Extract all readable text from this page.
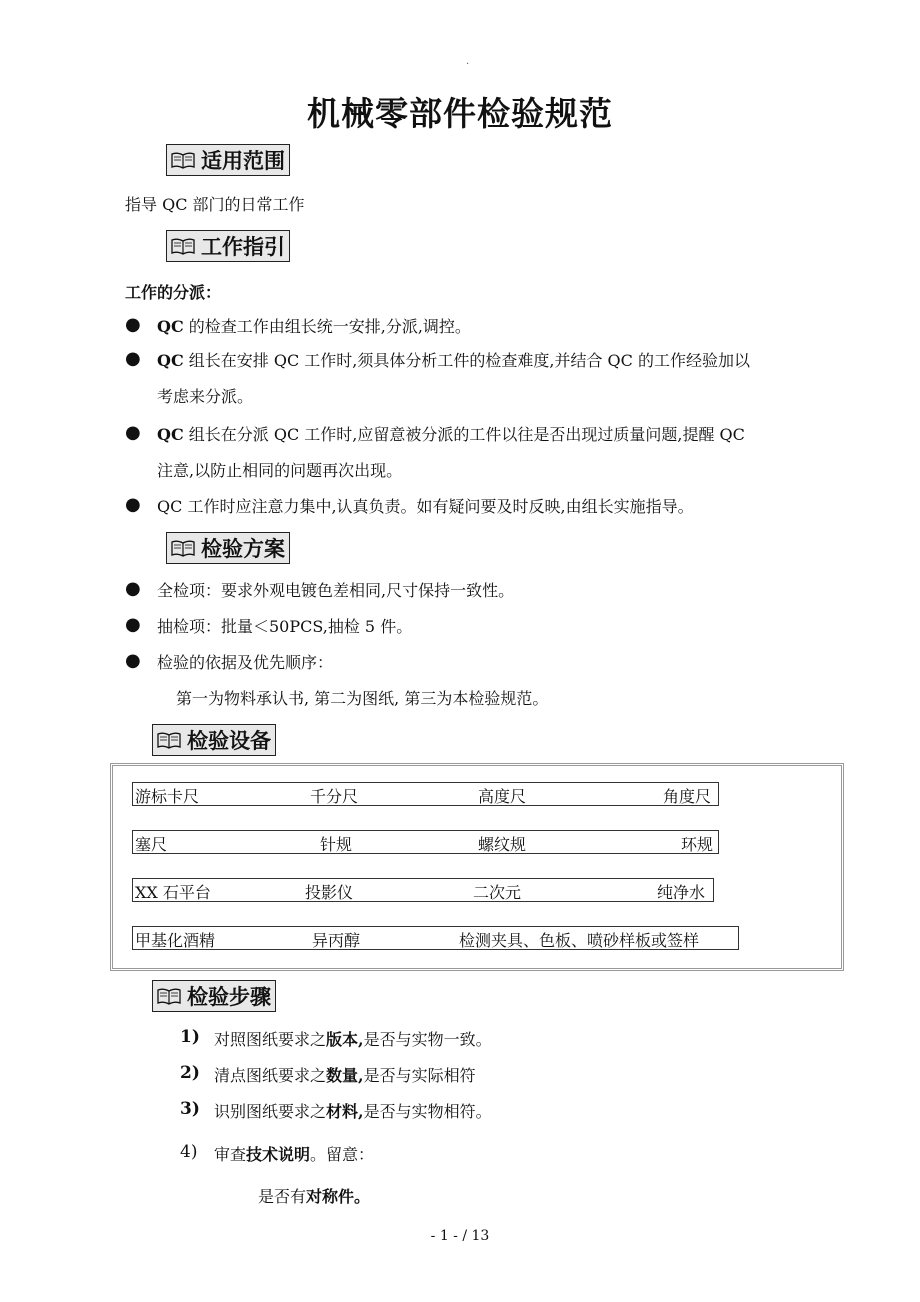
.
机械零部件检验规范
适用范围
指导 QC 部门的日常工作
工作指引
工作的分派：
●	QC 的检查工作由组长统一安排,分派,调控。
●	QC 组长在安排 QC 工作时,须具体分析工件的检查难度,并结合 QC 的工作经验加以
考虑来分派。
●	QC 组长在分派 QC 工作时,应留意被分派的工件以往是否出现过质量问题,提醒 QC
注意,以防止相同的问题再次出现。
●	QC 工作时应注意力集中,认真负责。如有疑问要及时反映,由组长实施指导。
检验方案
●	全检项：要求外观电镀色差相同,尺寸保持一致性。
●	抽检项：批量＜50PCS,抽检 5 件。
●	检验的依据及优先顺序：
第一为物料承认书, 第二为图纸, 第三为本检验规范。
检验设备
游标卡尺	千分尺	高度尺	角度尺
塞尺	针规	螺纹规	环规
XX 石平台	投影仪	二次元	纯净水
甲基化酒精	异丙醇	检测夹具、色板、喷砂样板或签样
检验步骤
1) 对照图纸要求之 版本, 是否与实物一致。
2) 清点图纸要求之 数量, 是否与实际相符
3) 识别图纸要求之 材料, 是否与实物相符。
4)	审查 技术说明 。留意：
是否有对称件。
- 1 - / 13
